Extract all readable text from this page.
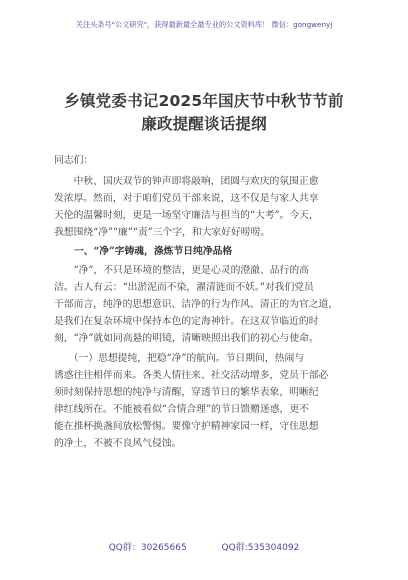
关注头条号"公文研究"，获得最新最全最专业的公文资料库！ 微信：gongwenyj
乡镇党委书记2025年国庆节中秋节节前
廉政提醒谈话提纲
同志们：
　　中秋、国庆双节的钟声即将敲响，团圆与欢庆的氛围正愈
发浓厚。然而，对于咱们党员干部来说，这不仅是与家人共享
天伦的温馨时刻，更是一场坚守廉洁与担当的“大考”。今天，
我想围绕“净”“廉”“责”三个字，和大家好好唠唠。
一、“净”字铸魂，涤炼节日纯净品格
　　“净”，不只是环境的整洁，更是心灵的澄澈、品行的高
洁。古人有云：“出淤泥而不染，濯清涟而不妖。”对我们党员
干部而言，纯净的思想意识、洁净的行为作风、清正的为官之道，
是我们在复杂环境中保持本色的定海神针。在这双节临近的时
刻，“净”就如同高悬的明镜，清晰映照出我们的初心与使命。
　　（一）思想提纯，把稳“净”的航向。节日期间，热闹与
诱惑往往相伴而来。各类人情往来、社交活动增多，党员干部必
须时刻保持思想的纯净与清醒，穿透节日的繁华表象，明晰纪
律红线所在。不能被看似“合情合理”的节日馈赠迷惑，更不
能在推杯换盏间放松警惕。要像守护精神家园一样，守住思想
的净土，不被不良风气侵蚀。
QQ群：30265665	QQ群:535304092
